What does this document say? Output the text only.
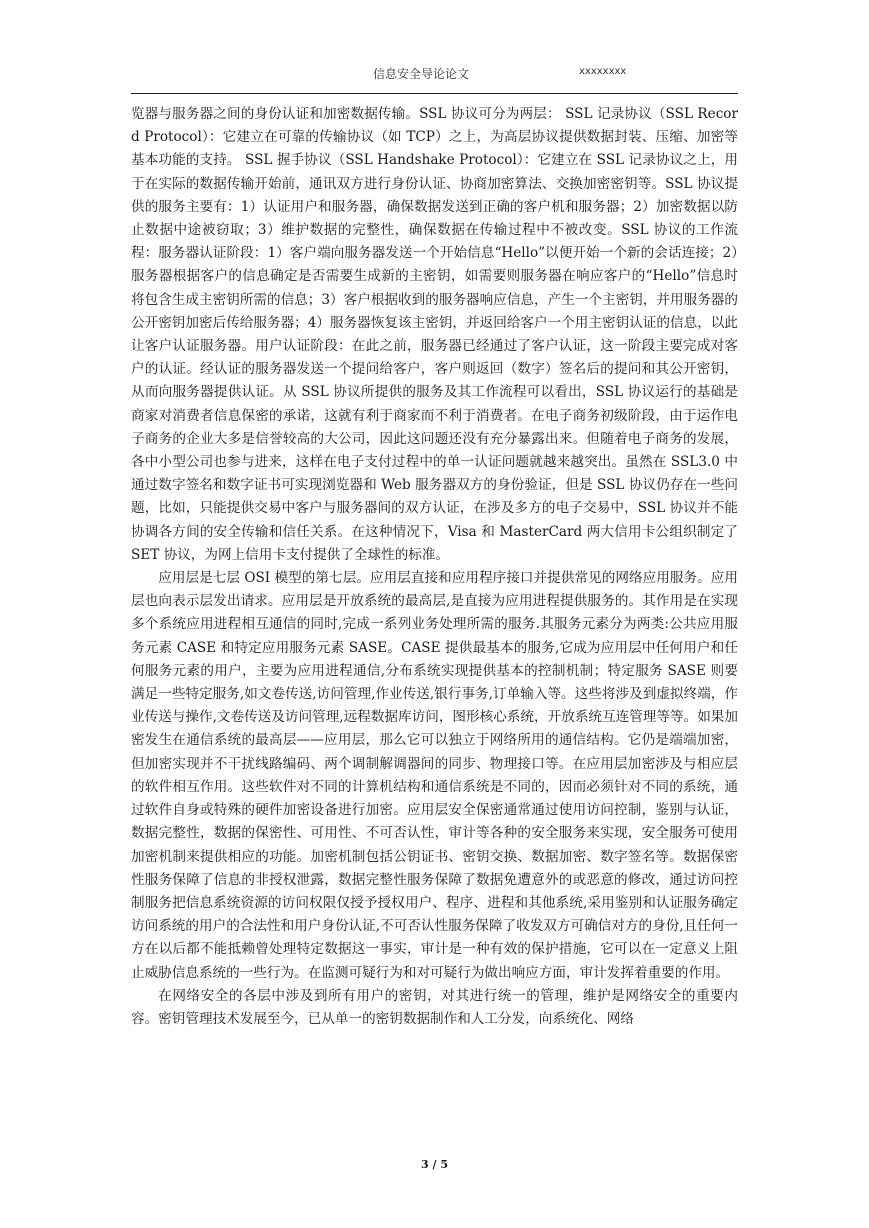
信息安全导论论文	xxxxxxxx

览器与服务器之间的身份认证和加密数据传输。SSL 协议可分为两层： SSL 记录协议（SSL Record Protocol）：它建立在可靠的传输协议（如 TCP）之上，为高层协议提供数据封装、压缩、加密等基本功能的支持。 SSL 握手协议（SSL Handshake Protocol）：它建立在 SSL 记录协议之上，用于在实际的数据传输开始前，通讯双方进行身份认证、协商加密算法、交换加密密钥等。SSL 协议提供的服务主要有：1）认证用户和服务器，确保数据发送到正确的客户机和服务器；2）加密数据以防止数据中途被窃取；3）维护数据的完整性，确保数据在传输过程中不被改变。SSL 协议的工作流程：服务器认证阶段：1）客户端向服务器发送一个开始信息“Hello”以便开始一个新的会话连接；2）服务器根据客户的信息确定是否需要生成新的主密钥，如需要则服务器在响应客户的“Hello”信息时将包含生成主密钥所需的信息；3）客户根据收到的服务器响应信息，产生一个主密钥，并用服务器的公开密钥加密后传给服务器；4）服务器恢复该主密钥，并返回给客户一个用主密钥认证的信息，以此让客户认证服务器。用户认证阶段：在此之前，服务器已经通过了客户认证，这一阶段主要完成对客户的认证。经认证的服务器发送一个提问给客户，客户则返回（数字）签名后的提问和其公开密钥，从而向服务器提供认证。从 SSL 协议所提供的服务及其工作流程可以看出，SSL 协议运行的基础是商家对消费者信息保密的承诺，这就有利于商家而不利于消费者。在电子商务初级阶段，由于运作电子商务的企业大多是信誉较高的大公司，因此这问题还没有充分暴露出来。但随着电子商务的发展，各中小型公司也参与进来，这样在电子支付过程中的单一认证问题就越来越突出。虽然在 SSL3.0 中通过数字签名和数字证书可实现浏览器和 Web 服务器双方的身份验证，但是 SSL 协议仍存在一些问题，比如，只能提供交易中客户与服务器间的双方认证，在涉及多方的电子交易中，SSL 协议并不能协调各方间的安全传输和信任关系。在这种情况下，Visa 和 MasterCard 两大信用卡公组织制定了 SET 协议，为网上信用卡支付提供了全球性的标准。

应用层是七层 OSI 模型的第七层。应用层直接和应用程序接口并提供常见的网络应用服务。应用层也向表示层发出请求。应用层是开放系统的最高层,是直接为应用进程提供服务的。其作用是在实现多个系统应用进程相互通信的同时,完成一系列业务处理所需的服务.其服务元素分为两类:公共应用服务元素 CASE 和特定应用服务元素 SASE。CASE 提供最基本的服务,它成为应用层中任何用户和任何服务元素的用户，主要为应用进程通信,分布系统实现提供基本的控制机制；特定服务 SASE 则要满足一些特定服务,如文卷传送,访问管理,作业传送,银行事务,订单输入等。这些将涉及到虚拟终端，作业传送与操作,文卷传送及访问管理,远程数据库访问，图形核心系统，开放系统互连管理等等。如果加密发生在通信系统的最高层——应用层，那么它可以独立于网络所用的通信结构。它仍是端端加密，但加密实现并不干扰线路编码、两个调制解调器间的同步、物理接口等。在应用层加密涉及与相应层的软件相互作用。这些软件对不同的计算机结构和通信系统是不同的，因而必须针对不同的系统，通过软件自身或特殊的硬件加密设备进行加密。应用层安全保密通常通过使用访问控制，鉴别与认证，数据完整性，数据的保密性、可用性、不可否认性，审计等各种的安全服务来实现，安全服务可使用加密机制来提供相应的功能。加密机制包括公钥证书、密钥交换、数据加密、数字签名等。数据保密性服务保障了信息的非授权泄露，数据完整性服务保障了数据免遭意外的或恶意的修改，通过访问控制服务把信息系统资源的访问权限仅授予授权用户、程序、进程和其他系统,采用鉴别和认证服务确定访问系统的用户的合法性和用户身份认证,不可否认性服务保障了收发双方可确信对方的身份,且任何一方在以后都不能抵赖曾处理特定数据这一事实，审计是一种有效的保护措施，它可以在一定意义上阻止威胁信息系统的一些行为。在监测可疑行为和对可疑行为做出响应方面，审计发挥着重要的作用。

在网络安全的各层中涉及到所有用户的密钥，对其进行统一的管理，维护是网络安全的重要内容。密钥管理技术发展至今，已从单一的密钥数据制作和人工分发，向系统化、网络

3 / 5
